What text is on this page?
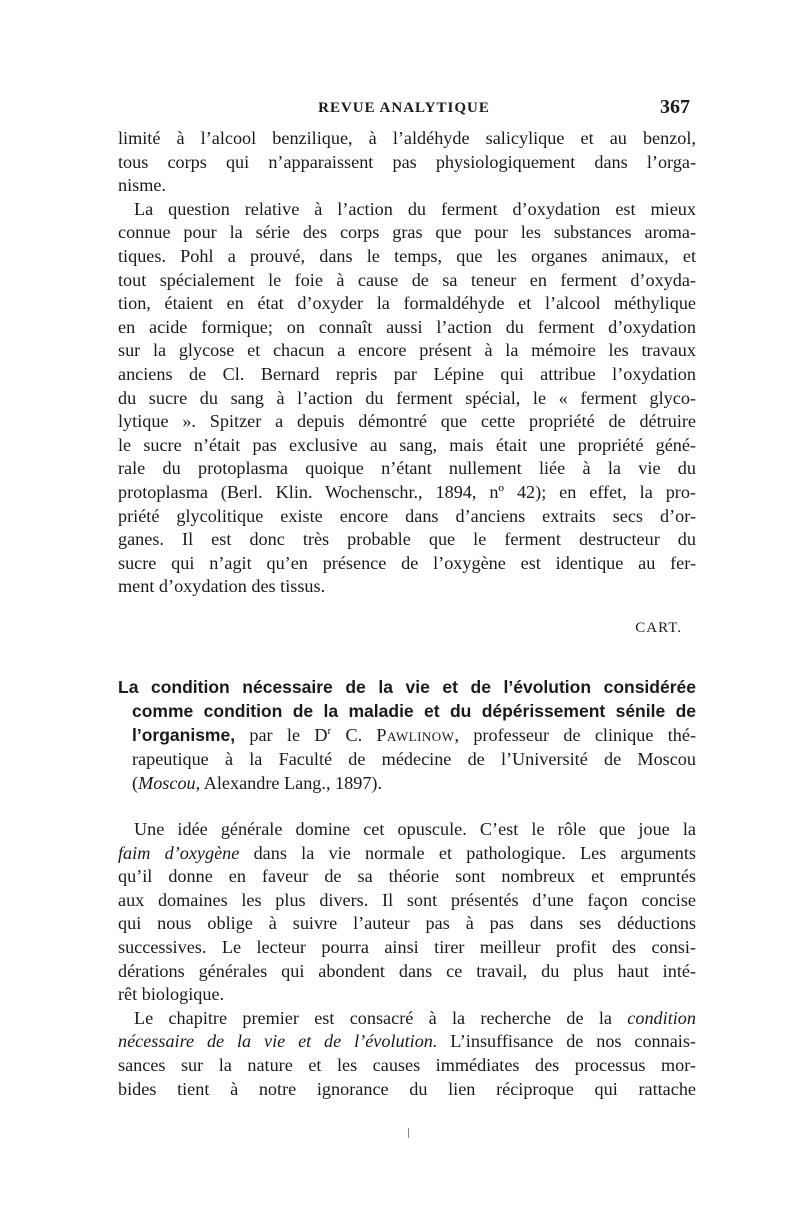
REVUE ANALYTIQUE	367
limité à l’alcool benzilique, à l’aldéhyde salicylique et au benzol,
tous corps qui n’apparaissent pas physiologiquement dans l’orga-
nisme.
La question relative à l’action du ferment d’oxydation est mieux
connue pour la série des corps gras que pour les substances aroma-
tiques. Pohl a prouvé, dans le temps, que les organes animaux, et
tout spécialement le foie à cause de sa teneur en ferment d’oxyda-
tion, étaient en état d’oxyder la formaldéhyde et l’alcool méthylique
en acide formique; on connaît aussi l’action du ferment d’oxydation
sur la glycose et chacun a encore présent à la mémoire les travaux
anciens de Cl. Bernard repris par Lépine qui attribue l’oxydation
du sucre du sang à l’action du ferment spécial, le « ferment glyco-
lytique ». Spitzer a depuis démontré que cette propriété de détruire
le sucre n’était pas exclusive au sang, mais était une propriété géné-
rale du protoplasma quoique n’étant nullement liée à la vie du
protoplasma (Berl. Klin. Wochenschr., 1894, nº 42); en effet, la pro-
priété glycolitique existe encore dans d’anciens extraits secs d’or-
ganes. Il est donc très probable que le ferment destructeur du
sucre qui n’agit qu’en présence de l’oxygène est identique au fer-
ment d’oxydation des tissus.
CART.
La condition nécessaire de la vie et de l’évolution considérée
comme condition de la maladie et du dépérissement sénile de
l’organisme, par le $D^r$ C. Pawlinow, professeur de clinique thé-
rapeutique à la Faculté de médecine de l’Université de Moscou
(Moscou, Alexandre Lang., 1897).
Une idée générale domine cet opuscule. C’est le rôle que joue la
faim d’oxygène dans la vie normale et pathologique. Les arguments
qu’il donne en faveur de sa théorie sont nombreux et empruntés
aux domaines les plus divers. Il sont présentés d’une façon concise
qui nous oblige à suivre l’auteur pas à pas dans ses déductions
successives. Le lecteur pourra ainsi tirer meilleur profit des consi-
dérations générales qui abondent dans ce travail, du plus haut inté-
rêt biologique.
Le chapitre premier est consacré à la recherche de la condition
nécessaire de la vie et de l’évolution. L’insuffisance de nos connais-
sances sur la nature et les causes immédiates des processus mor-
bides tient à notre ignorance du lien réciproque qui rattache
